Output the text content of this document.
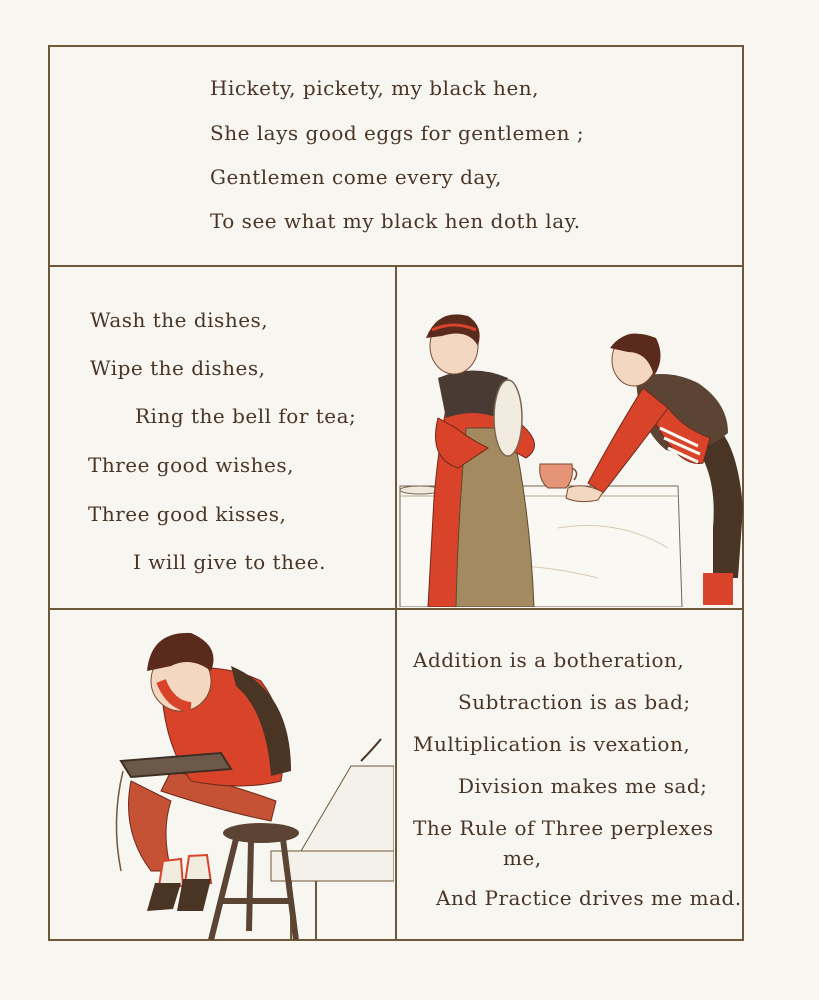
Hickety, pickety, my black hen,
She lays good eggs for gentlemen ;
Gentlemen come every day,
To see what my black hen doth lay.
Wash the dishes,
Wipe the dishes,
Ring the bell for tea;
Three good wishes,
Three good kisses,
I will give to thee.
Addition is a botheration,
Subtraction is as bad;
Multiplication is vexation,
Division makes me sad;
The Rule of Three perplexes
me,
And Practice drives me mad.
